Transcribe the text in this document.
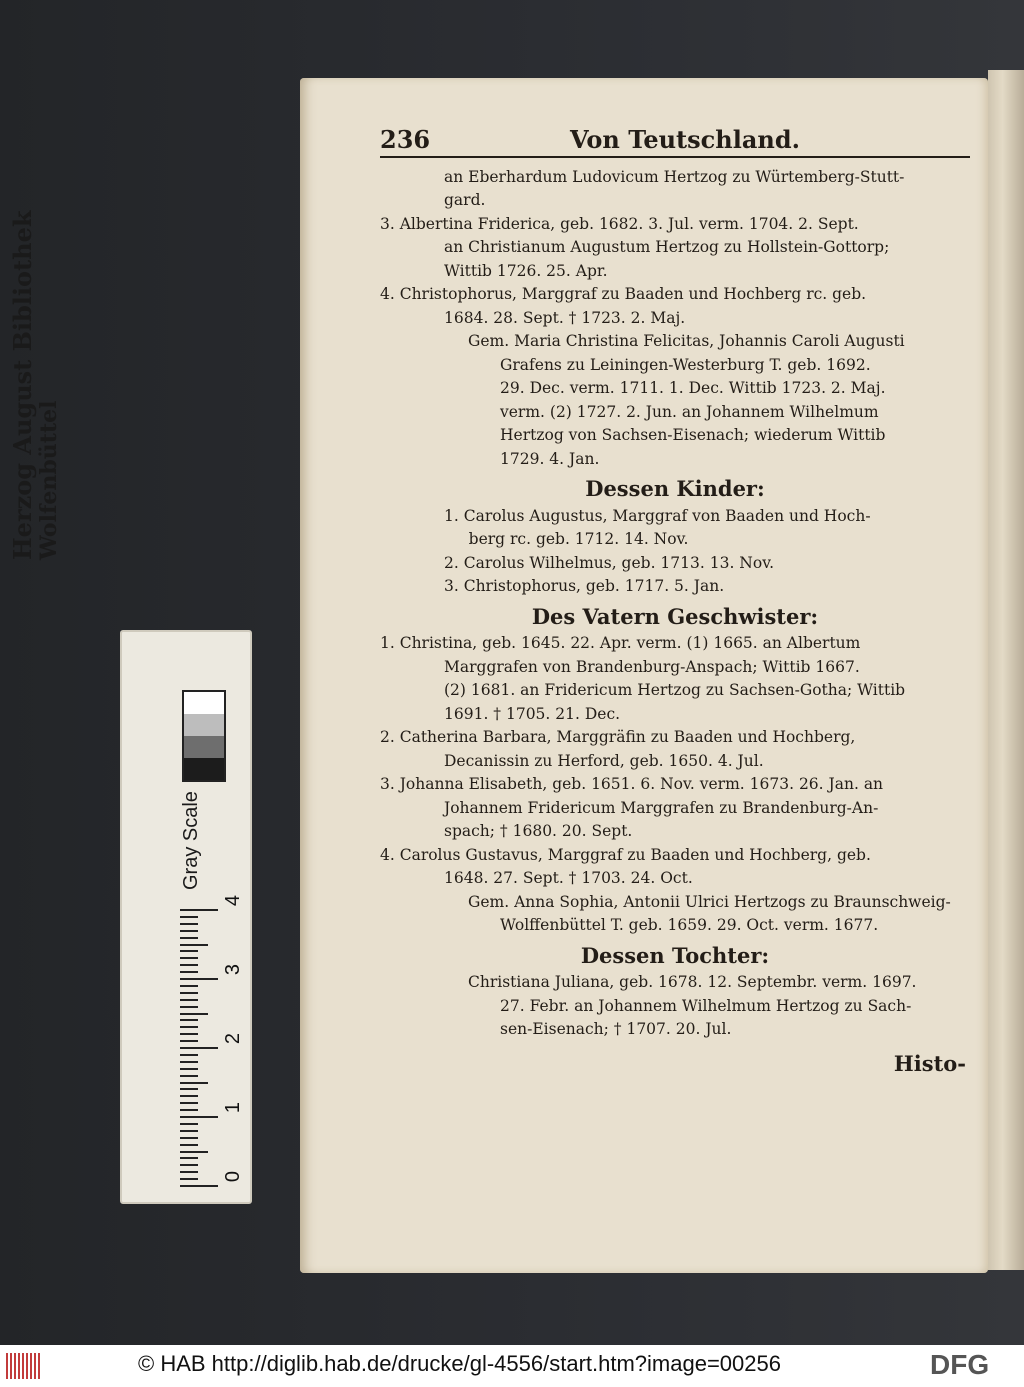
Herzog August Bibliothek Wolfenbüttel
Gray Scale
0
1
2
3
4
236	Von Teutschland.

an Eberhardum Ludovicum Hertzog zu Würtemberg-Stutt-

gard.

3. Albertina Friderica, geb. 1682. 3. Jul. verm. 1704. 2. Sept.

an Christianum Augustum Hertzog zu Hollstein-Gottorp;

Wittib 1726. 25. Apr.

4. Christophorus, Marggraf zu Baaden und Hochberg rc. geb.

1684. 28. Sept. † 1723. 2. Maj.

Gem. Maria Christina Felicitas, Johannis Caroli Augusti

Grafens zu Leiningen-Westerburg T. geb. 1692.

29. Dec. verm. 1711. 1. Dec. Wittib 1723. 2. Maj.

verm. (2) 1727. 2. Jun. an Johannem Wilhelmum

Hertzog von Sachsen-Eisenach; wiederum Wittib

1729. 4. Jan.

Dessen Kinder:

1. Carolus Augustus, Marggraf von Baaden und Hoch-

berg rc. geb. 1712. 14. Nov.

2. Carolus Wilhelmus, geb. 1713. 13. Nov.

3. Christophorus, geb. 1717. 5. Jan.

Des Vatern Geschwister:

1. Christina, geb. 1645. 22. Apr. verm. (1) 1665. an Albertum

Marggrafen von Brandenburg-Anspach; Wittib 1667.

(2) 1681. an Fridericum Hertzog zu Sachsen-Gotha; Wittib

1691. † 1705. 21. Dec.

2. Catherina Barbara, Marggräfin zu Baaden und Hochberg,

Decanissin zu Herford, geb. 1650. 4. Jul.

3. Johanna Elisabeth, geb. 1651. 6. Nov. verm. 1673. 26. Jan. an

Johannem Fridericum Marggrafen zu Brandenburg-An-

spach; † 1680. 20. Sept.

4. Carolus Gustavus, Marggraf zu Baaden und Hochberg, geb.

1648. 27. Sept. † 1703. 24. Oct.

Gem. Anna Sophia, Antonii Ulrici Hertzogs zu Braunschweig-

Wolffenbüttel T. geb. 1659. 29. Oct. verm. 1677.

Dessen Tochter:

Christiana Juliana, geb. 1678. 12. Septembr. verm. 1697.

27. Febr. an Johannem Wilhelmum Hertzog zu Sach-

sen-Eisenach; † 1707. 20. Jul.

Histo-
© HAB http://diglib.hab.de/drucke/gl-4556/start.htm?image=00256	DFG
